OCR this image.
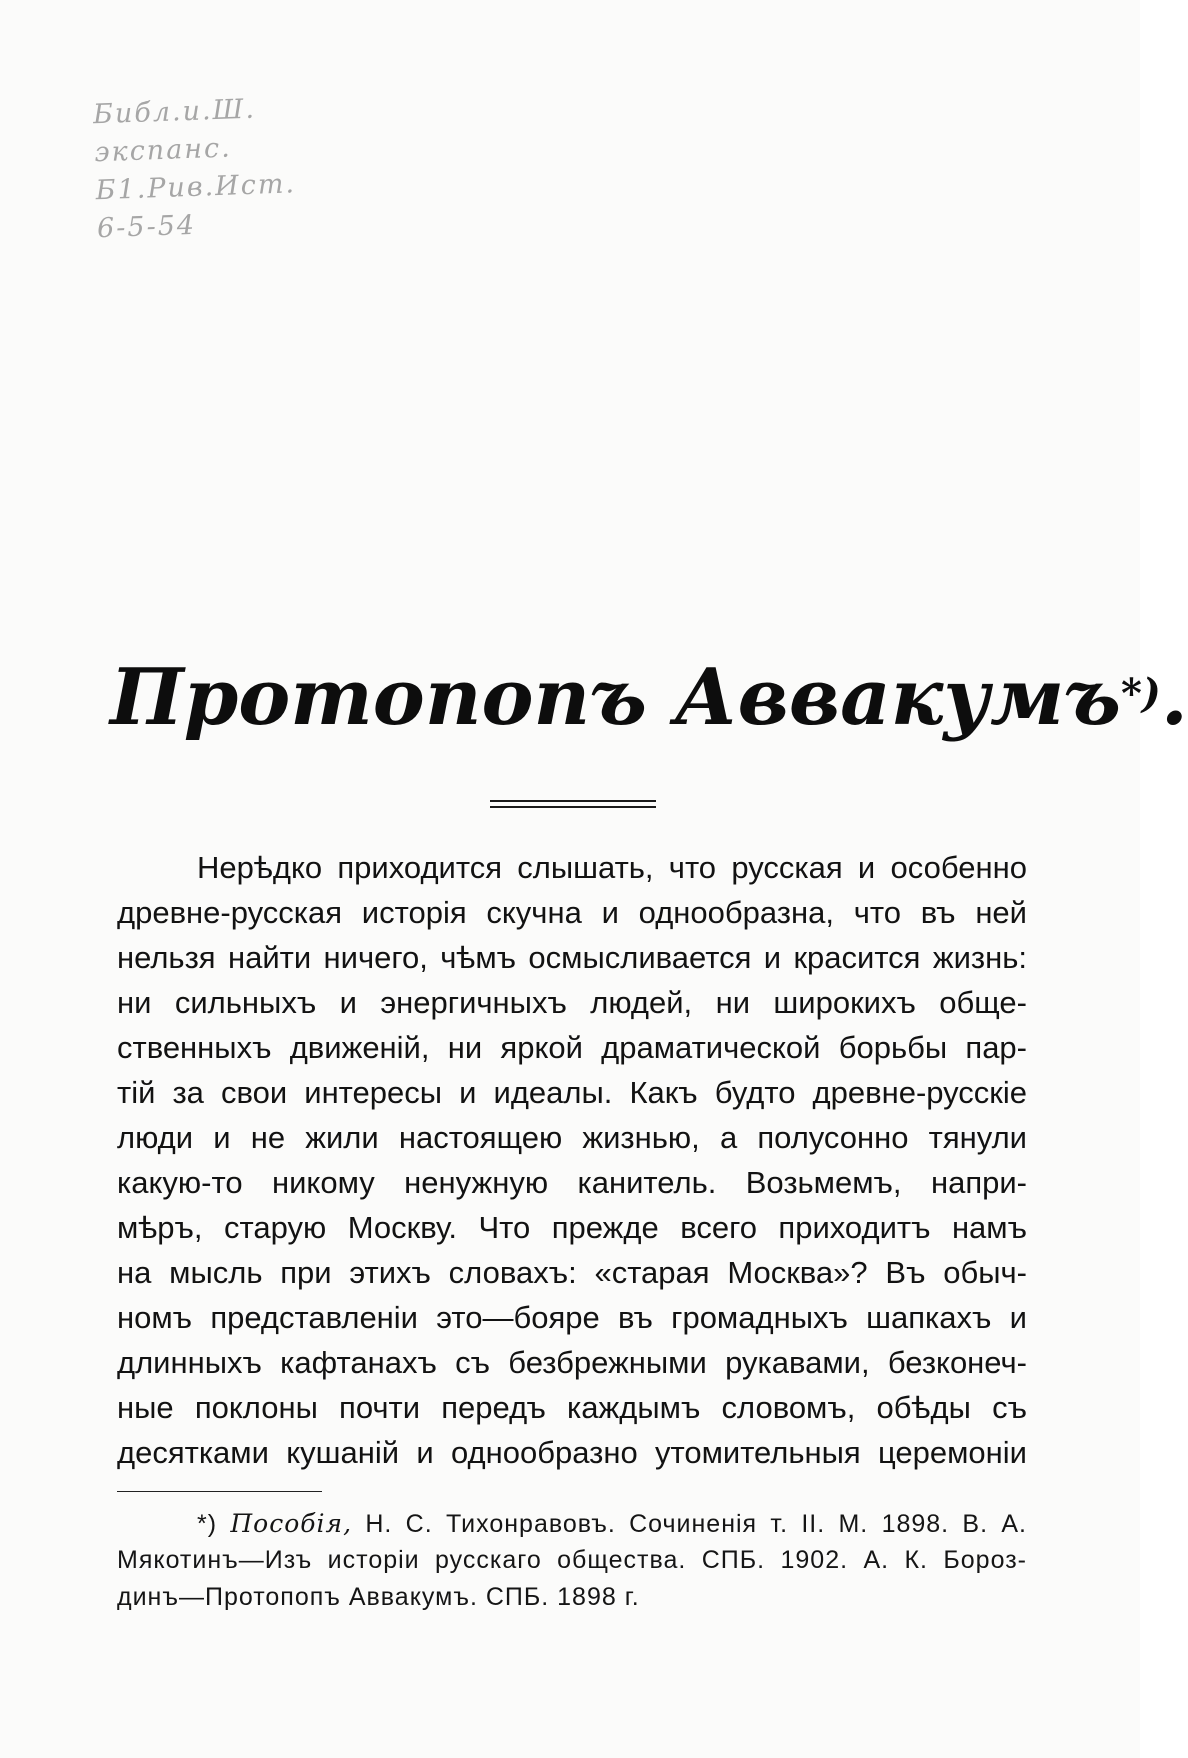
Библ.и.Ш.
экспанс.
Б1.Рив.Ист.
6-5-54
Протопопъ Аввакумъ*).
Нерѣдко приходится слышать, что русская и особенно
древне-русская исторія скучна и однообразна, что въ ней
нельзя найти ничего, чѣмъ осмысливается и красится жизнь:
ни сильныхъ и энергичныхъ людей, ни широкихъ обще-
ственныхъ движеній, ни яркой драматической борьбы пар-
тій за свои интересы и идеалы. Какъ будто древне-русскіе
люди и не жили настоящею жизнью, а полусонно тянули
какую-то никому ненужную канитель. Возьмемъ, напри-
мѣръ, старую Москву. Что прежде всего приходитъ намъ
на мысль при этихъ словахъ: «старая Москва»? Въ обыч-
номъ представленіи это—бояре въ громадныхъ шапкахъ и
длинныхъ кафтанахъ съ безбрежными рукавами, безконеч-
ные поклоны почти передъ каждымъ словомъ, обѣды съ
десятками кушаній и однообразно утомительныя церемоніи
*) Пособія, Н. С. Тихонравовъ. Сочиненія т. II. М. 1898. В. А.
Мякотинъ—Изъ исторіи русскаго общества. СПБ. 1902. А. К. Бороз-
динъ—Протопопъ Аввакумъ. СПБ. 1898 г.
